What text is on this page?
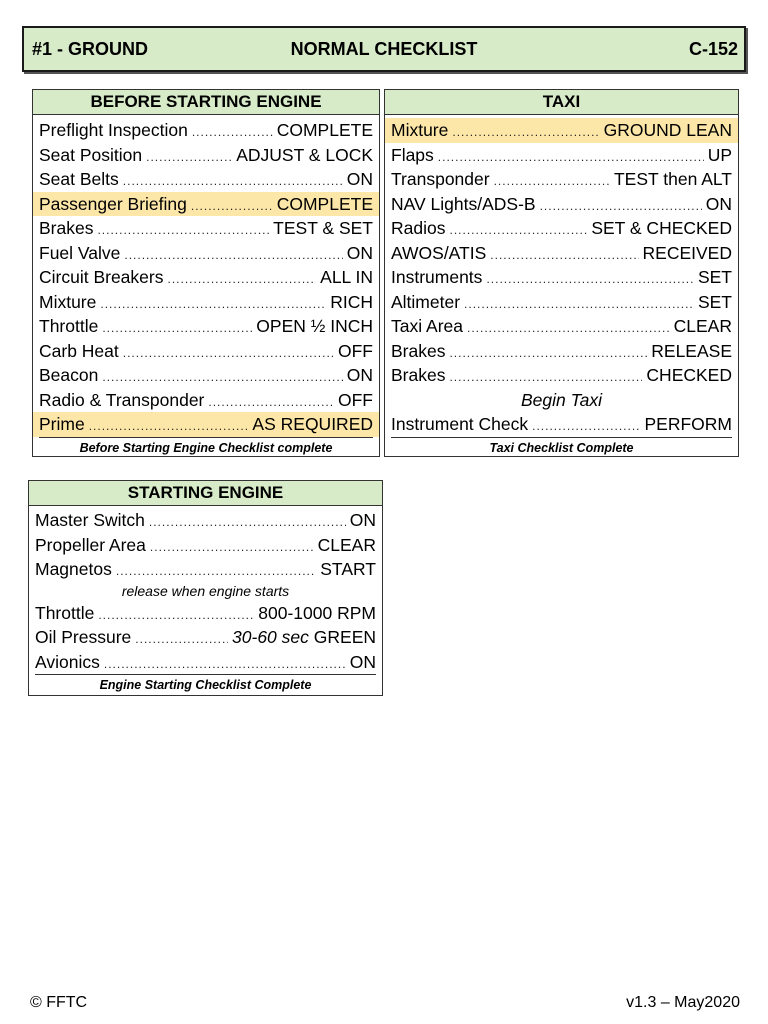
#1 - GROUND	NORMAL CHECKLIST	C-152
BEFORE STARTING ENGINE
Preflight Inspection .....	COMPLETE
Seat Position .....	ADJUST & LOCK
Seat Belts .....	ON
Passenger Briefing .....	COMPLETE
Brakes .....	TEST & SET
Fuel Valve .....	ON
Circuit Breakers .....	ALL IN
Mixture .....	RICH
Throttle .....	OPEN ½ INCH
Carb Heat .....	OFF
Beacon .....	ON
Radio & Transponder .....	OFF
Prime .....	AS REQUIRED
Before Starting Engine Checklist complete
TAXI
Mixture .....	GROUND LEAN
Flaps .....	UP
Transponder .....	TEST then ALT
NAV Lights/ADS-B .....	ON
Radios .....	SET & CHECKED
AWOS/ATIS .....	RECEIVED
Instruments .....	SET
Altimeter .....	SET
Taxi Area .....	CLEAR
Brakes .....	RELEASE
Brakes .....	CHECKED
Begin Taxi
Instrument Check .....	PERFORM
Taxi Checklist Complete
STARTING ENGINE
Master Switch .....	ON
Propeller Area .....	CLEAR
Magnetos .....	START
release when engine starts
Throttle .....	800-1000 RPM
Oil Pressure .....	30-60 sec GREEN
Avionics .....	ON
Engine Starting Checklist Complete
© FFTC	v1.3 – May2020
